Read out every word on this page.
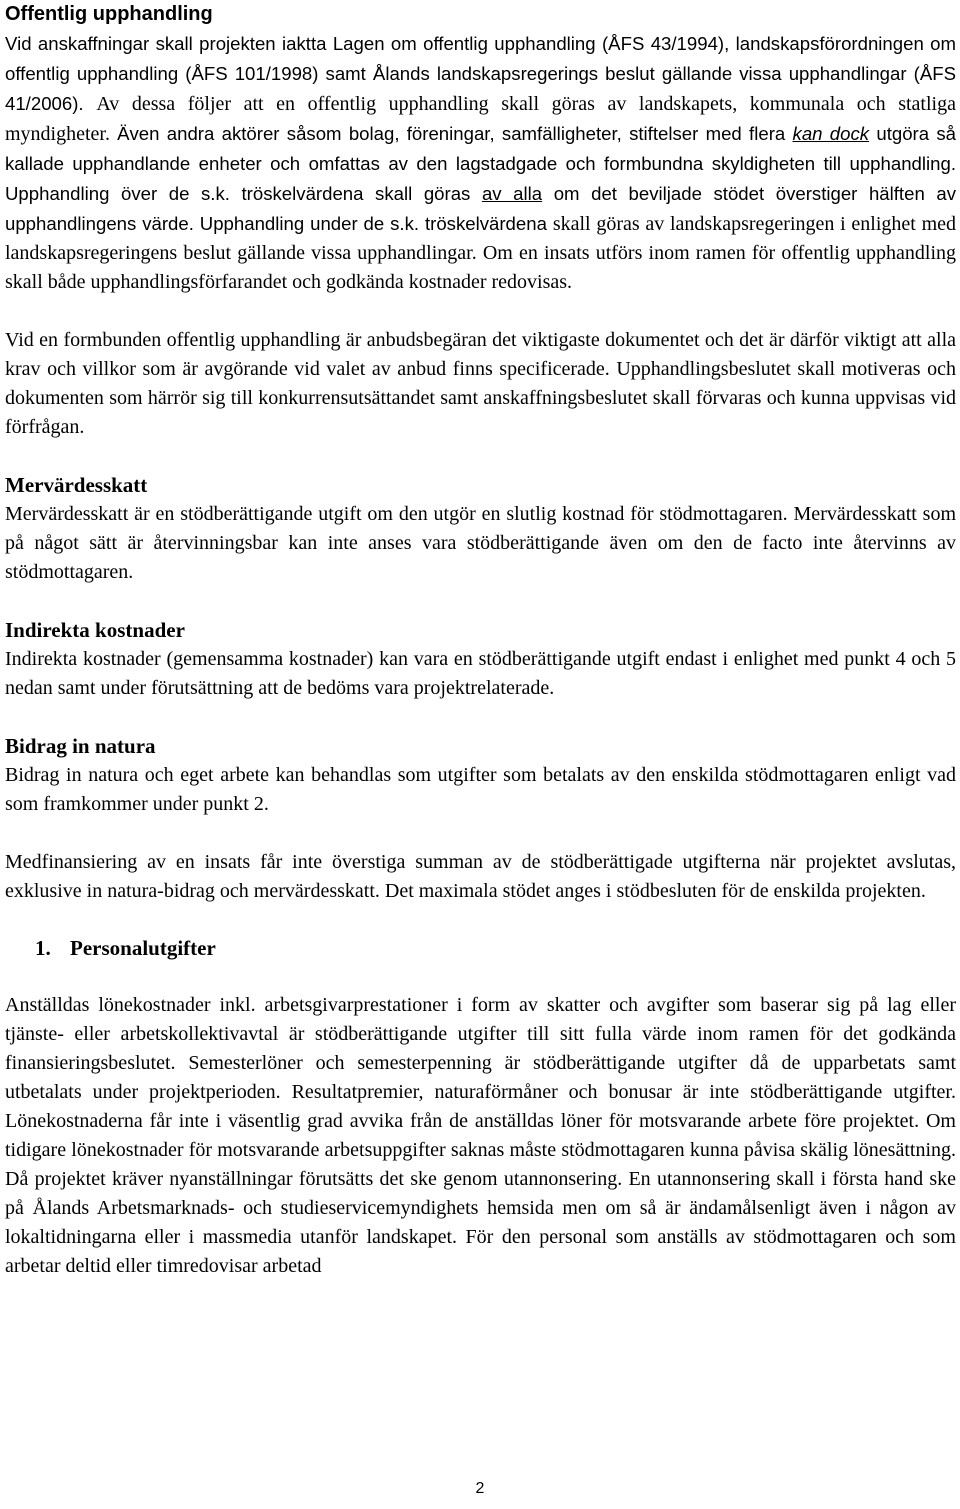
Offentlig upphandling

Vid anskaffningar skall projekten iaktta Lagen om offentlig upphandling (ÅFS 43/1994), landskapsförordningen om offentlig upphandling (ÅFS 101/1998) samt Ålands landskapsregerings beslut gällande vissa upphandlingar (ÅFS 41/2006). Av dessa följer att en offentlig upphandling skall göras av landskapets, kommunala och statliga myndigheter. Även andra aktörer såsom bolag, föreningar, samfälligheter, stiftelser med flera kan dock utgöra så kallade upphandlande enheter och omfattas av den lagstadgade och formbundna skyldigheten till upphandling. Upphandling över de s.k. tröskelvärdena skall göras av alla om det beviljade stödet överstiger hälften av upphandlingens värde. Upphandling under de s.k. tröskelvärdena skall göras av landskapsregeringen i enlighet med landskapsregeringens beslut gällande vissa upphandlingar. Om en insats utförs inom ramen för offentlig upphandling skall både upphandlingsförfarandet och godkända kostnader redovisas.

Vid en formbunden offentlig upphandling är anbudsbegäran det viktigaste dokumentet och det är därför viktigt att alla krav och villkor som är avgörande vid valet av anbud finns specificerade. Upphandlingsbeslutet skall motiveras och dokumenten som härrör sig till konkurrensutsättandet samt anskaffningsbeslutet skall förvaras och kunna uppvisas vid förfrågan.

Mervärdesskatt

Mervärdesskatt är en stödberättigande utgift om den utgör en slutlig kostnad för stödmottagaren. Mervärdesskatt som på något sätt är återvinningsbar kan inte anses vara stödberättigande även om den de facto inte återvinns av stödmottagaren.

Indirekta kostnader

Indirekta kostnader (gemensamma kostnader) kan vara en stödberättigande utgift endast i enlighet med punkt 4 och 5 nedan samt under förutsättning att de bedöms vara projektrelaterade.

Bidrag in natura

Bidrag in natura och eget arbete kan behandlas som utgifter som betalats av den enskilda stödmottagaren enligt vad som framkommer under punkt 2.

Medfinansiering av en insats får inte överstiga summan av de stödberättigade utgifterna när projektet avslutas, exklusive in natura-bidrag och mervärdesskatt. Det maximala stödet anges i stödbesluten för de enskilda projekten.

1. Personalutgifter

Anställdas lönekostnader inkl. arbetsgivarprestationer i form av skatter och avgifter som baserar sig på lag eller tjänste- eller arbetskollektivavtal är stödberättigande utgifter till sitt fulla värde inom ramen för det godkända finansieringsbeslutet. Semesterlöner och semesterpenning är stödberättigande utgifter då de upparbetats samt utbetalats under projektperioden. Resultatpremier, naturaförmåner och bonusar är inte stödberättigande utgifter. Lönekostnaderna får inte i väsentlig grad avvika från de anställdas löner för motsvarande arbete före projektet. Om tidigare lönekostnader för motsvarande arbetsuppgifter saknas måste stödmottagaren kunna påvisa skälig lönesättning. Då projektet kräver nyanställningar förutsätts det ske genom utannonsering. En utannonsering skall i första hand ske på Ålands Arbetsmarknads- och studieservicemyndighets hemsida men om så är ändamålsenligt även i någon av lokaltidningarna eller i massmedia utanför landskapet. För den personal som anställs av stödmottagaren och som arbetar deltid eller timredovisar arbetad

2
